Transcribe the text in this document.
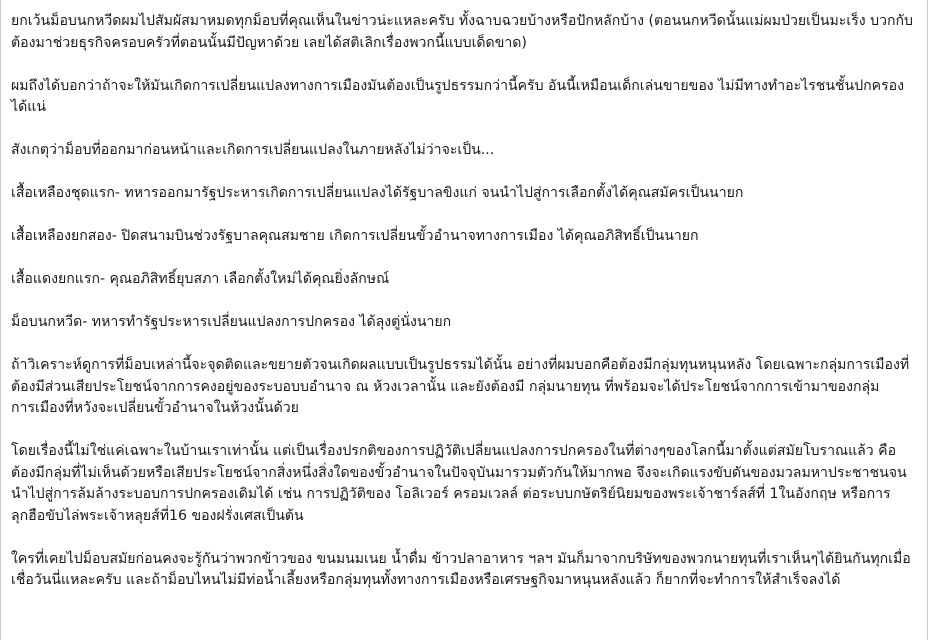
ยกเว้นม็อบนกหวีดผมไปสัมผัสมาหมดทุกม็อบที่คุณเห็นในข่าวน่ะแหละครับ ทั้งฉาบฉวยบ้างหรือปักหลักบ้าง (ตอนนกหวีดนั้นแม่ผมป่วยเป็นมะเร็ง บวกกับต้องมาช่วยธุรกิจครอบครัวที่ตอนนั้นมีปัญหาด้วย เลยได้สติเลิกเรื่องพวกนี้แบบเด็ดขาด)

ผมถึงได้บอกว่าถ้าจะให้มันเกิดการเปลี่ยนแปลงทางการเมืองมันต้องเป็นรูปธรรมกว่านี้ครับ อันนี้เหมือนเด็กเล่นขายของ ไม่มีทางทำอะไรชนชั้นปกครองได้แน่

สังเกตุว่าม็อบที่ออกมาก่อนหน้าและเกิดการเปลี่ยนแปลงในภายหลังไม่ว่าจะเป็น...

เสื้อเหลืองชุดแรก- ทหารออกมารัฐประหารเกิดการเปลี่ยนแปลงได้รัฐบาลขิงแก่ จนนำไปสู่การเลือกตั้งได้คุณสมัครเป็นนายก

เสื้อเหลืองยกสอง- ปิดสนามบินช่วงรัฐบาลคุณสมชาย เกิดการเปลี่ยนขั้วอำนาจทางการเมือง ได้คุณอภิสิทธิ์เป็นนายก

เสื้อแดงยกแรก- คุณอภิสิทธิ์ยุบสภา เลือกตั้งใหม่ได้คุณยิ่งลักษณ์

ม็อบนกหวีด- ทหารทำรัฐประหารเปลี่ยนแปลงการปกครอง ได้ลุงตู่นั่งนายก

ถ้าวิเคราะห์ดูการที่ม็อบเหล่านี้จะจุดติดและขยายตัวจนเกิดผลแบบเป็นรูปธรรมได้นั้น อย่างที่ผมบอกคือต้องมีกลุ่มทุนหนุนหลัง โดยเฉพาะกลุ่มการเมืองที่ต้องมีส่วนเสียประโยชน์จากการคงอยู่ของระบอบบอำนาจ ณ ห้วงเวลานั้น และยังต้องมี กลุ่มนายทุน ที่พร้อมจะได้ประโยชน์จากการเข้ามาของกลุ่มการเมืองที่หวังจะเปลี่ยนขั้วอำนาจในห้วงนั้นด้วย

โดยเรื่องนี้ไม่ใช่แค่เฉพาะในบ้านเราเท่านั้น แต่เป็นเรื่องปรกติของการปฏิวัติเปลี่ยนแปลงการปกครองในที่ต่างๆของโลกนี้มาตั้งแต่สมัยโบราณแล้ว คือต้องมีกลุ่มที่ไม่เห็นด้วยหรือเสียประโยชน์จากสิ่งหนึ่งสิ่งใดของขั้วอำนาจในปัจจุบันมารวมตัวกันให้มากพอ จึงจะเกิดแรงขับดันของมวลมหาประชาชนจนนำไปสู่การล้มล้างระบอบการปกครองเดิมได้ เช่น การปฏิวัติของ โอลิเวอร์ ครอมเวลล์ ต่อระบบกษัตริย์นิยมของพระเจ้าชาร์ลส์ที่ 1ในอังกฤษ หรือการลุกฮือขับไล่พระเจ้าหลุยส์ที่16 ของฝรั่งเศสเป็นต้น

ใครที่เคยไปม็อบสมัยก่อนคงจะรู้กันว่าพวกข้าวของ ขนมนมเนย น้ำดื่ม ข้าวปลาอาหาร ฯลฯ มันก็มาจากบริษัทของพวกนายทุนที่เราเห็นๆได้ยินกันทุกเมื่อเชื่อวันนี่แหละครับ และถ้าม็อบไหนไม่มีท่อน้ำเลี้ยงหรือกลุ่มทุนทั้งทางการเมืองหรือเศรษฐกิจมาหนุนหลังแล้ว ก็ยากที่จะทำการให้สำเร็จลงได้
